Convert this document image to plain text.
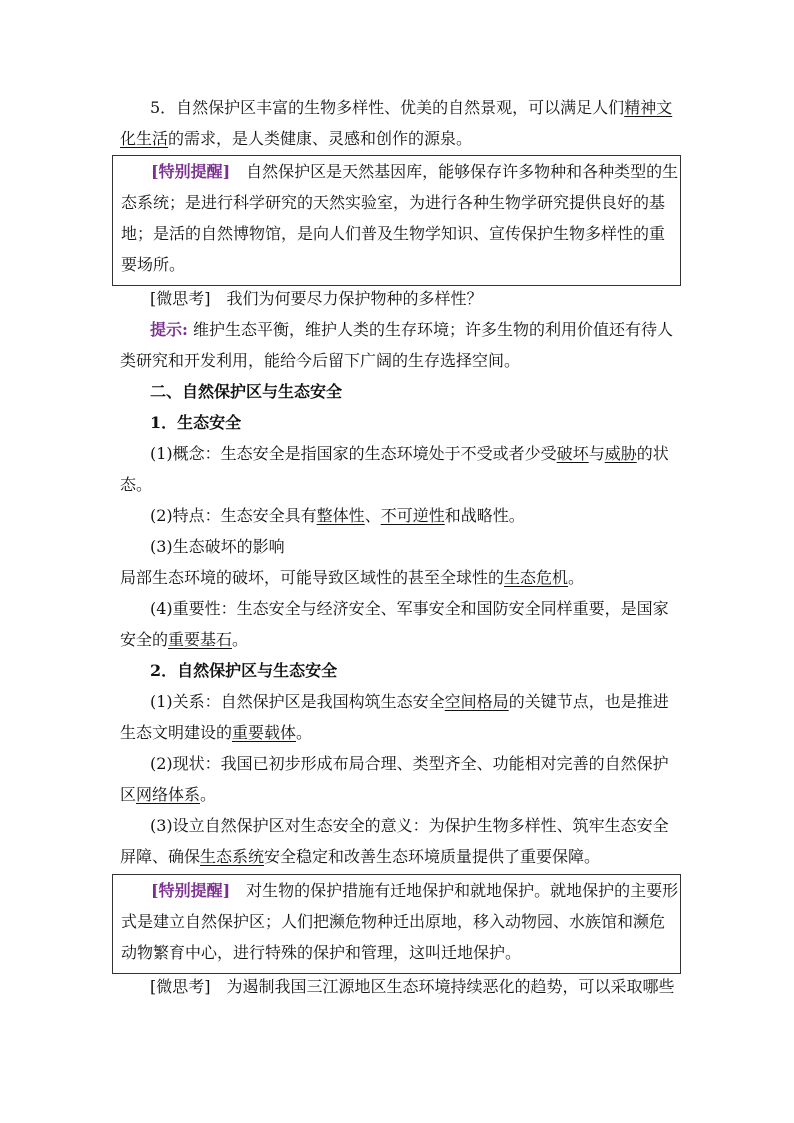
5．自然保护区丰富的生物多样性、优美的自然景观，可以满足人们精神文
化生活的需求，是人类健康、灵感和创作的源泉。
[特别提醒]　自然保护区是天然基因库，能够保存许多物种和各种类型的生
态系统；是进行科学研究的天然实验室，为进行各种生物学研究提供良好的基
地；是活的自然博物馆，是向人们普及生物学知识、宣传保护生物多样性的重
要场所。
[微思考]　我们为何要尽力保护物种的多样性？
提示: 维护生态平衡，维护人类的生存环境；许多生物的利用价值还有待人
类研究和开发利用，能给今后留下广阔的生存选择空间。
二、自然保护区与生态安全
1．生态安全
(1)概念：生态安全是指国家的生态环境处于不受或者少受破坏与威胁的状
态。
(2)特点：生态安全具有整体性、不可逆性和战略性。
(3)生态破坏的影响
局部生态环境的破坏，可能导致区域性的甚至全球性的生态危机。
(4)重要性：生态安全与经济安全、军事安全和国防安全同样重要，是国家
安全的重要基石。
2．自然保护区与生态安全
(1)关系：自然保护区是我国构筑生态安全空间格局的关键节点，也是推进
生态文明建设的重要载体。
(2)现状：我国已初步形成布局合理、类型齐全、功能相对完善的自然保护
区网络体系。
(3)设立自然保护区对生态安全的意义：为保护生物多样性、筑牢生态安全
屏障、确保生态系统安全稳定和改善生态环境质量提供了重要保障。
[特别提醒]　对生物的保护措施有迁地保护和就地保护。就地保护的主要形
式是建立自然保护区；人们把濒危物种迁出原地，移入动物园、水族馆和濒危
动物繁育中心，进行特殊的保护和管理，这叫迁地保护。
[微思考]　为遏制我国三江源地区生态环境持续恶化的趋势，可以采取哪些
